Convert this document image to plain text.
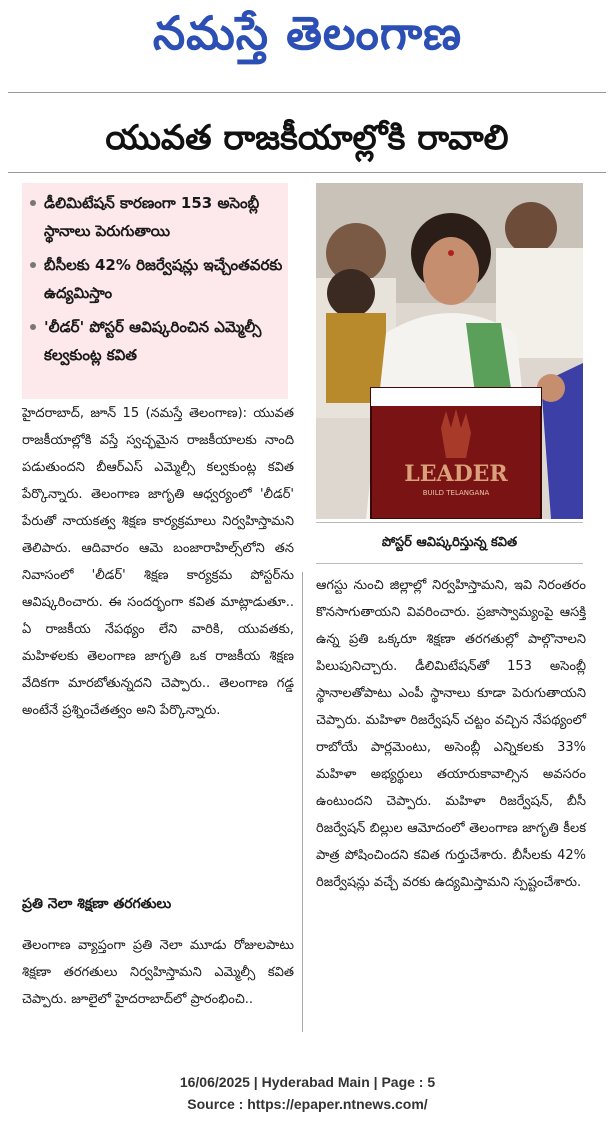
నమస్తే తెలంగాణ
యువత రాజకీయాల్లోకి రావాలి
డీలిమిటేషన్ కారణంగా 153 అసెంబ్లీ స్థానాలు పెరుగుతాయి
బీసీలకు 42% రిజర్వేషన్లు ఇచ్చేంతవరకు ఉద్యమిస్తాం
'లీడర్' పోస్టర్ ఆవిష్కరించిన ఎమ్మెల్సీ కల్వకుంట్ల కవిత
LEADER
BUILD TELANGANA
పోస్టర్ ఆవిష్కరిస్తున్న కవిత

హైదరాబాద్, జూన్ 15 (నమస్తే తెలంగాణ): యువత రాజకీయాల్లోకి వస్తే స్వచ్ఛమైన రాజకీయాలకు నాంది పడుతుందని బీఆర్ఎస్ ఎమ్మెల్సీ కల్వకుంట్ల కవిత పేర్కొన్నారు. తెలంగాణ జాగృతి ఆధ్వర్యంలో 'లీడర్' పేరుతో నాయకత్వ శిక్షణ కార్యక్రమాలు నిర్వహిస్తామని తెలిపారు. ఆదివారం ఆమె బంజారాహిల్స్‌లోని తన నివాసంలో 'లీడర్' శిక్షణ కార్యక్రమ పోస్టర్‌ను ఆవిష్కరించారు. ఈ సందర్భంగా కవిత మాట్లాడుతూ.. ఏ రాజకీయ నేపథ్యం లేని వారికి, యువతకు, మహిళలకు తెలంగాణ జాగృతి ఒక రాజకీయ శిక్షణ వేదికగా మారబోతున్నదని చెప్పారు.. తెలంగాణ గడ్డ అంటేనే ప్రశ్నించేతత్వం అని పేర్కొన్నారు.

ప్రతి నెలా శిక్షణా తరగతులు

తెలంగాణ వ్యాప్తంగా ప్రతి నెలా మూడు రోజులపాటు శిక్షణా తరగతులు నిర్వహిస్తామని ఎమ్మెల్సీ కవిత చెప్పారు. జూలైలో హైదరాబాద్‌లో ప్రారంభించి..

ఆగస్టు నుంచి జిల్లాల్లో నిర్వహిస్తామని, ఇవి నిరంతరం కొనసాగుతాయని వివరించారు. ప్రజాస్వామ్యంపై ఆసక్తి ఉన్న ప్రతి ఒక్కరూ శిక్షణా తరగతుల్లో పాల్గొనాలని పిలుపునిచ్చారు. డీలిమిటేషన్‌తో 153 అసెంబ్లీ స్థానాలతోపాటు ఎంపీ స్థానాలు కూడా పెరుగుతాయని చెప్పారు. మహిళా రిజర్వేషన్ చట్టం వచ్చిన నేపథ్యంలో రాబోయే పార్లమెంటు, అసెంబ్లీ ఎన్నికలకు 33% మహిళా అభ్యర్థులు తయారుకావాల్సిన అవసరం ఉంటుందని చెప్పారు. మహిళా రిజర్వేషన్, బీసీ రిజర్వేషన్ బిల్లుల ఆమోదంలో తెలంగాణ జాగృతి కీలక పాత్ర పోషించిందని కవిత గుర్తుచేశారు. బీసీలకు 42% రిజర్వేషన్లు వచ్చే వరకు ఉద్యమిస్తామని స్పష్టంచేశారు.

16/06/2025 | Hyderabad Main | Page : 5
Source : https://epaper.ntnews.com/
